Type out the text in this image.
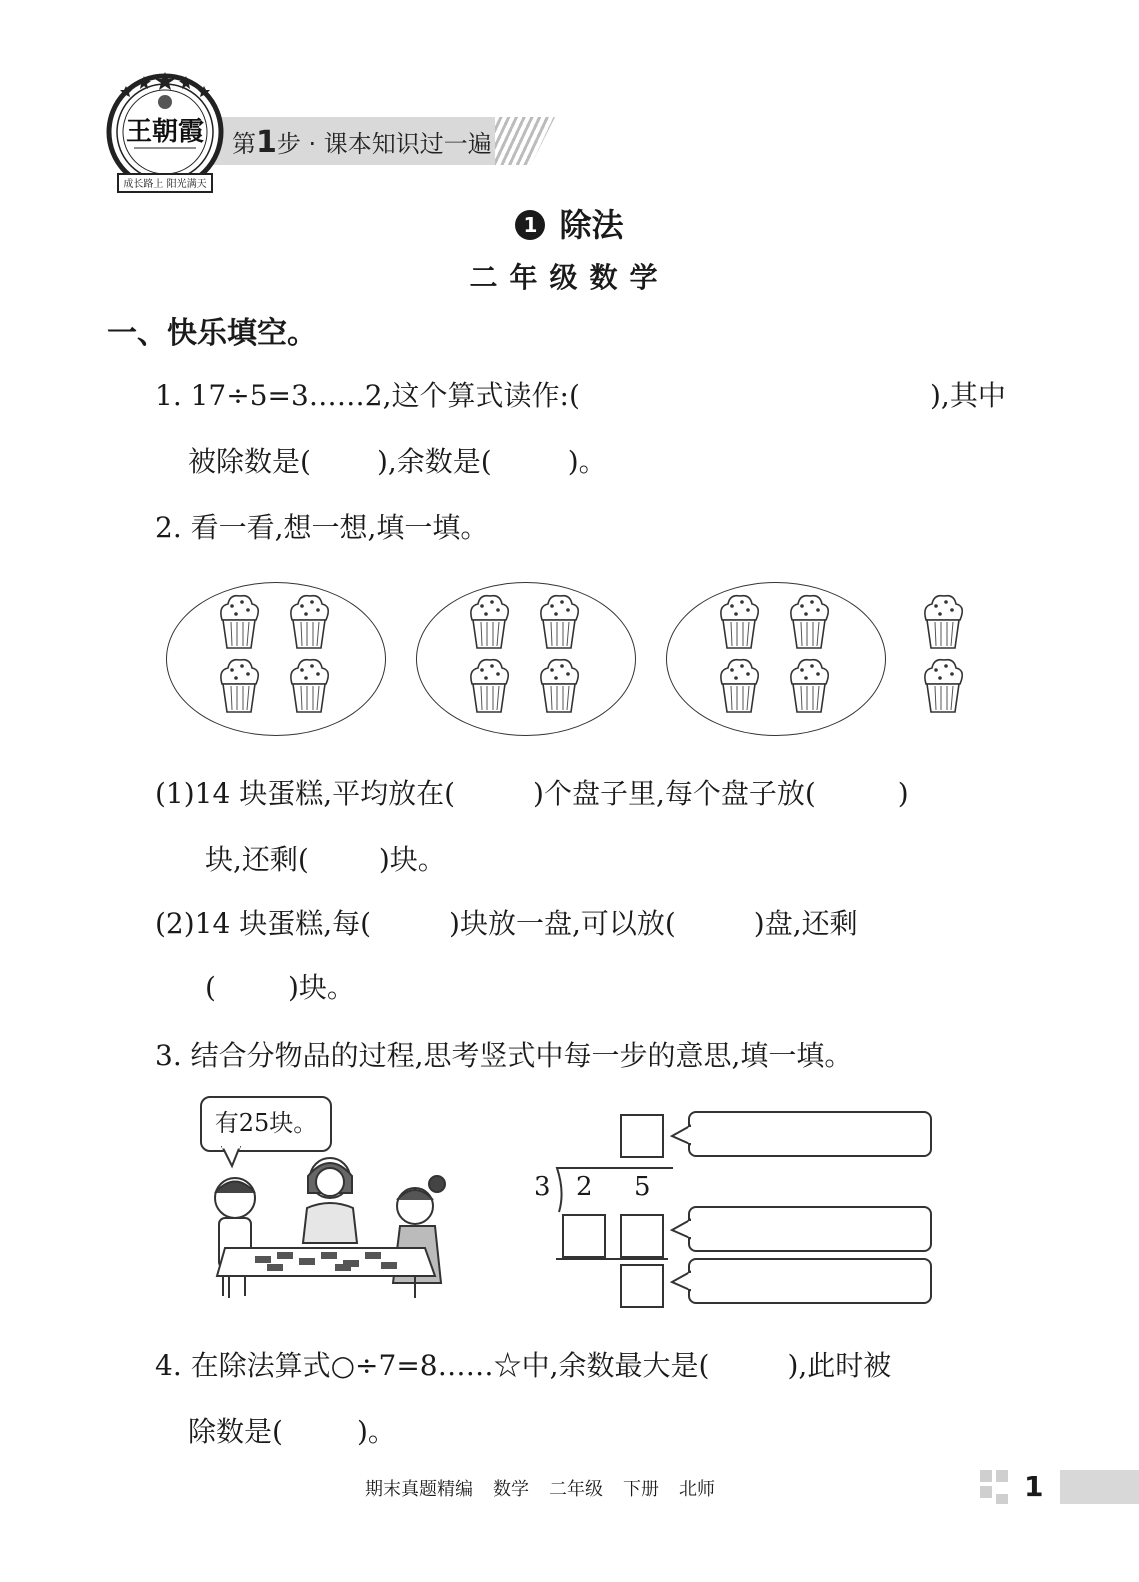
第1步 · 课本知识过一遍
王朝霞
成长路上 阳光满天
1 除法
二年级数学
一、快乐填空。
1. 17÷5=3……2,这个算式读作:(	),其中
被除数是( ),余数是(	)。
2. 看一看,想一想,填一填。
(1)14 块蛋糕,平均放在(	)个盘子里,每个盘子放(	)
块,还剩(	)块。
(2)14 块蛋糕,每(	)块放一盘,可以放(	)盘,还剩
(	)块。
3. 结合分物品的过程,思考竖式中每一步的意思,填一填。
有25块。
3 2 5
4. 在除法算式○÷7=8……☆中,余数最大是(	),此时被
除数是(	)。
期末真题精编 数学 二年级 下册 北师	1
